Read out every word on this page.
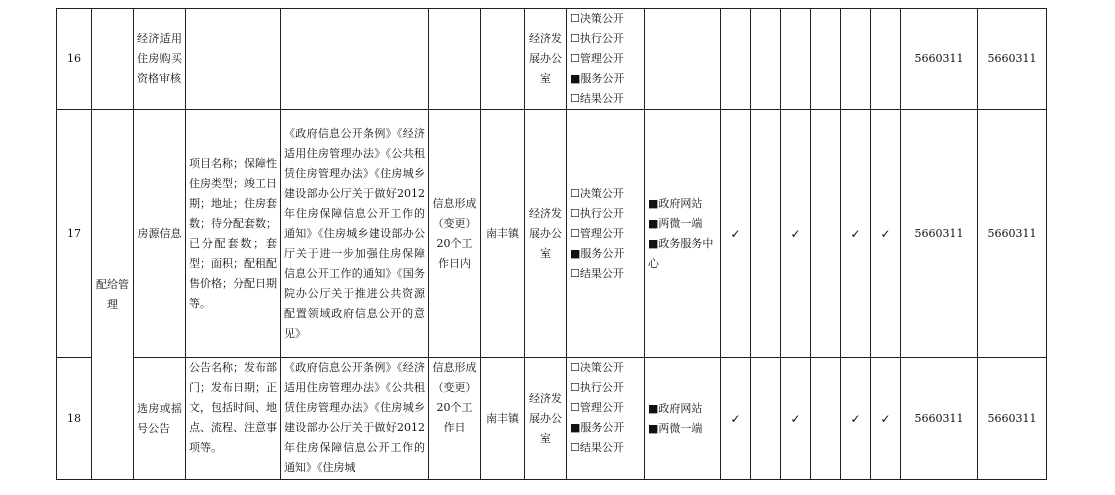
16		经济适用住房购买资格审核					经济发展办公室	☐决策公开
☐执行公开
☐管理公开
■服务公开
☐结果公开								5660311	5660311
17	配给管理	房源信息	项目名称；保障性住房类型；竣工日期；地址；住房套数；待分配套数；已分配套数；套型；面积；配租配售价格；分配日期等。	《政府信息公开条例》《经济适用住房管理办法》《公共租赁住房管理办法》《住房城乡建设部办公厅关于做好2012年住房保障信息公开工作的通知》《住房城乡建设部办公厅关于进一步加强住房保障信息公开工作的通知》《国务院办公厅关于推进公共资源配置领域政府信息公开的意见》	信息形成（变更）20个工作日内	南丰镇	经济发展办公室	☐决策公开
☐执行公开
☐管理公开
■服务公开
☐结果公开	■政府网站
■两微一端
■政务服务中心	✓		✓		✓	✓	5660311	5660311
18		选房或摇号公告	公告名称；发布部门；发布日期；正文，包括时间、地点、流程、注意事项等。	《政府信息公开条例》《经济适用住房管理办法》《公共租赁住房管理办法》《住房城乡建设部办公厅关于做好2012年住房保障信息公开工作的通知》《住房城	信息形成（变更）20个工作日	南丰镇	经济发展办公室	☐决策公开
☐执行公开
☐管理公开
■服务公开
☐结果公开	■政府网站
■两微一端	✓		✓		✓	✓	5660311	5660311
